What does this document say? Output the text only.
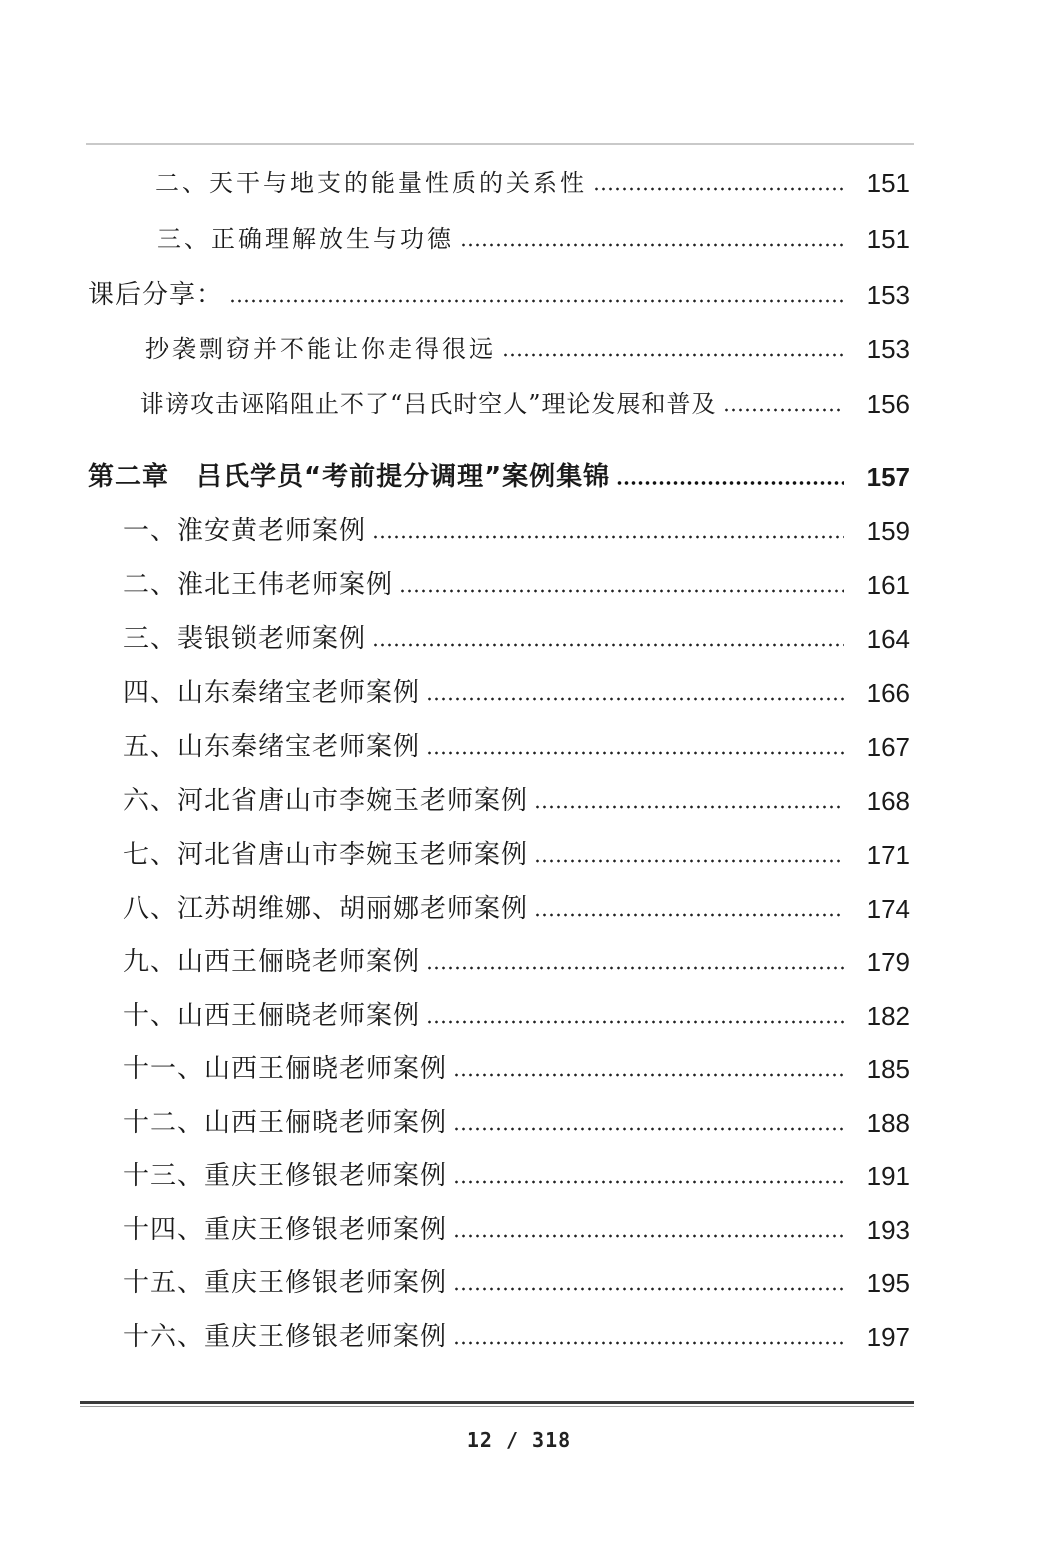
二、天干与地支的能量性质的关系性	151
三、正确理解放生与功德	151
课后分享：	153
抄袭剽窃并不能让你走得很远	153
诽谤攻击诬陷阻止不了“吕氏时空人”理论发展和普及	156
第二章　吕氏学员“考前提分调理”案例集锦	157
一、淮安黄老师案例	159
二、淮北王伟老师案例	161
三、裴银锁老师案例	164
四、山东秦绪宝老师案例	166
五、山东秦绪宝老师案例	167
六、河北省唐山市李婉玉老师案例	168
七、河北省唐山市李婉玉老师案例	171
八、江苏胡维娜、胡丽娜老师案例	174
九、山西王俪晓老师案例	179
十、山西王俪晓老师案例	182
十一、山西王俪晓老师案例	185
十二、山西王俪晓老师案例	188
十三、重庆王修银老师案例	191
十四、重庆王修银老师案例	193
十五、重庆王修银老师案例	195
十六、重庆王修银老师案例	197
12 / 318
